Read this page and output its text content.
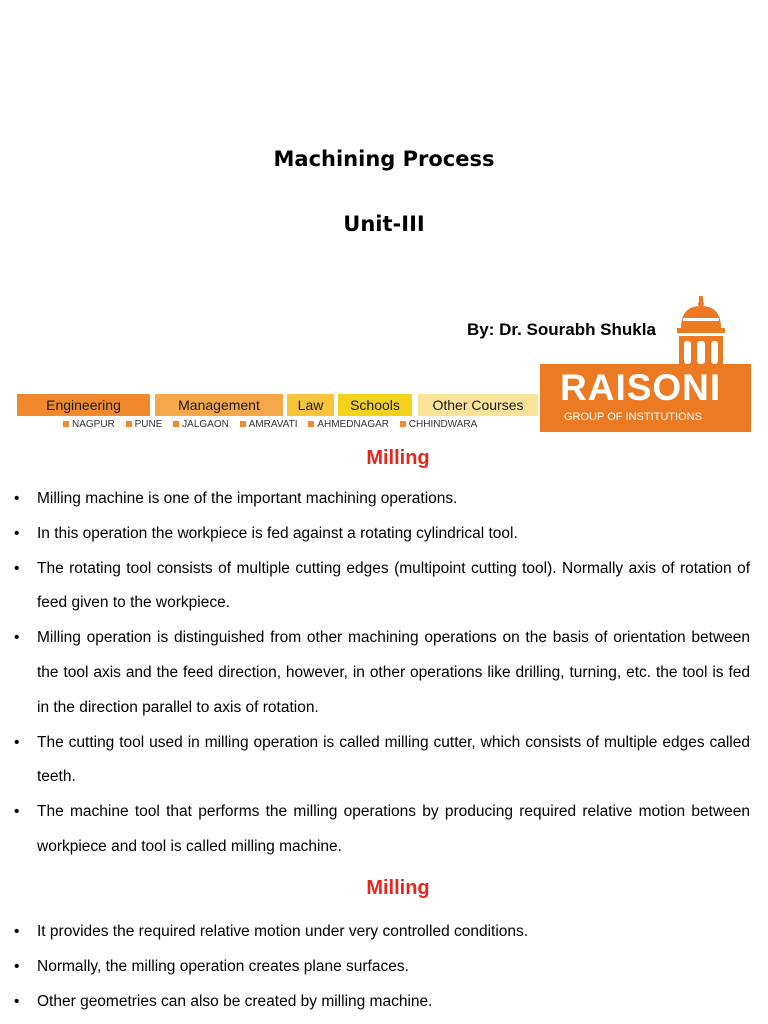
Machining Process
Unit-III
By: Dr. Sourabh Shukla
Engineering	Management	Law	Schools	Other Courses
NAGPUR PUNE JALGAON AMRAVATI AHMEDNAGAR CHHINDWARA
RAISONI
GROUP OF INSTITUTIONS
Milling
• Milling machine is one of the important machining operations.
• In this operation the workpiece is fed against a rotating cylindrical tool.
• The rotating tool consists of multiple cutting edges (multipoint cutting tool). Normally axis of rotation of feed given to the workpiece.
• Milling operation is distinguished from other machining operations on the basis of orientation between the tool axis and the feed direction, however, in other operations like drilling, turning, etc. the tool is fed in the direction parallel to axis of rotation.
• The cutting tool used in milling operation is called milling cutter, which consists of multiple edges called teeth.
• The machine tool that performs the milling operations by producing required relative motion between workpiece and tool is called milling machine.
Milling
• It provides the required relative motion under very controlled conditions.
• Normally, the milling operation creates plane surfaces.
• Other geometries can also be created by milling machine.
